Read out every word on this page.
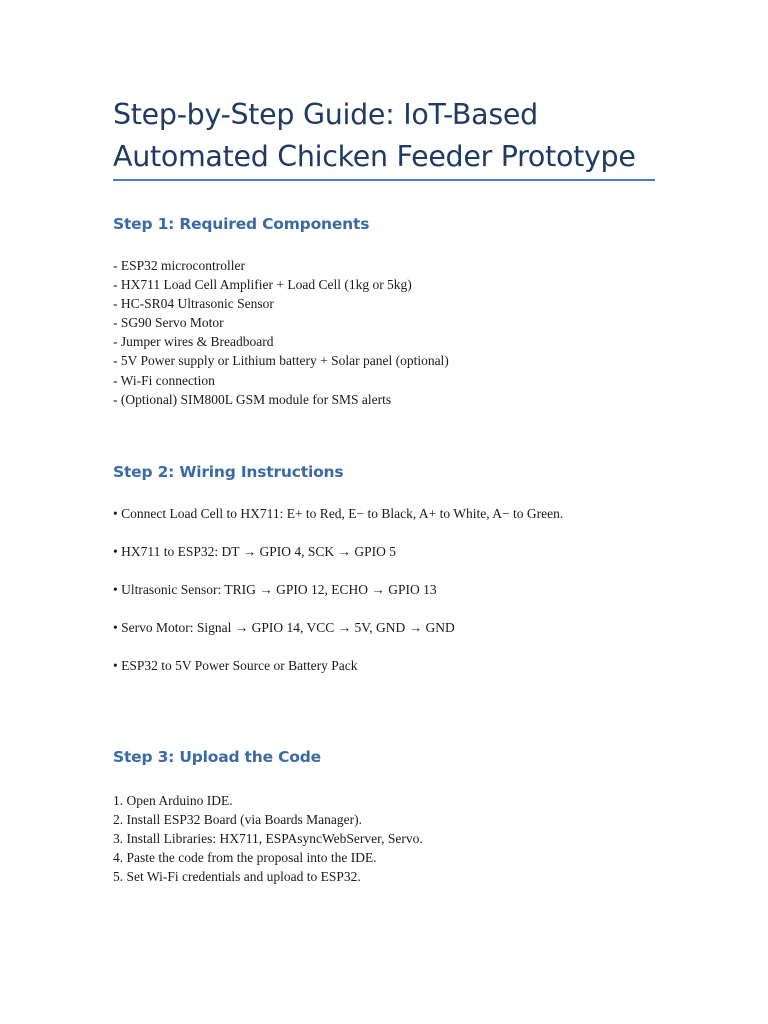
Step-by-Step Guide: IoT-Based
Automated Chicken Feeder Prototype
Step 1: Required Components
- ESP32 microcontroller
- HX711 Load Cell Amplifier + Load Cell (1kg or 5kg)
- HC-SR04 Ultrasonic Sensor
- SG90 Servo Motor
- Jumper wires & Breadboard
- 5V Power supply or Lithium battery + Solar panel (optional)
- Wi-Fi connection
- (Optional) SIM800L GSM module for SMS alerts
Step 2: Wiring Instructions
• Connect Load Cell to HX711: E+ to Red, E− to Black, A+ to White, A− to Green.
• HX711 to ESP32: DT → GPIO 4, SCK → GPIO 5
• Ultrasonic Sensor: TRIG → GPIO 12, ECHO → GPIO 13
• Servo Motor: Signal → GPIO 14, VCC → 5V, GND → GND
• ESP32 to 5V Power Source or Battery Pack
Step 3: Upload the Code
1. Open Arduino IDE.
2. Install ESP32 Board (via Boards Manager).
3. Install Libraries: HX711, ESPAsyncWebServer, Servo.
4. Paste the code from the proposal into the IDE.
5. Set Wi-Fi credentials and upload to ESP32.
